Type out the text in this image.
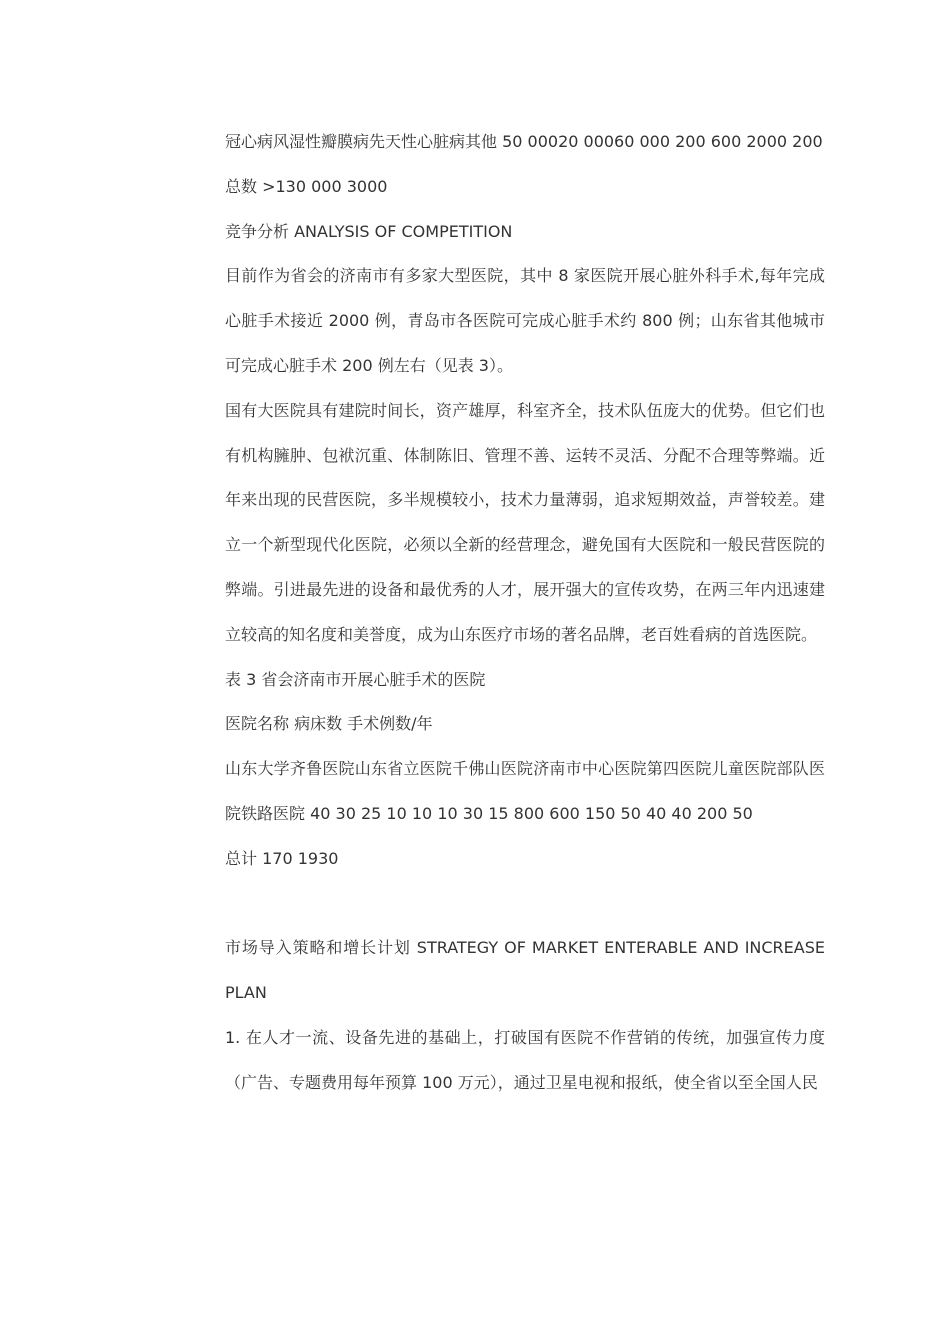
冠心病风湿性瓣膜病先天性心脏病其他 50 00020 00060 000 200 600 2000 200

总数 >130 000 3000

竞争分析 ANALYSIS OF COMPETITION

目前作为省会的济南市有多家大型医院，其中 8 家医院开展心脏外科手术,每年完成心脏手术接近 2000 例，青岛市各医院可完成心脏手术约 800 例；山东省其他城市可完成心脏手术 200 例左右（见表 3）。

国有大医院具有建院时间长，资产雄厚，科室齐全，技术队伍庞大的优势。但它们也有机构臃肿、包袱沉重、体制陈旧、管理不善、运转不灵活、分配不合理等弊端。近年来出现的民营医院，多半规模较小，技术力量薄弱，追求短期效益，声誉较差。建立一个新型现代化医院，必须以全新的经营理念，避免国有大医院和一般民营医院的弊端。引进最先进的设备和最优秀的人才，展开强大的宣传攻势，在两三年内迅速建立较高的知名度和美誉度，成为山东医疗市场的著名品牌，老百姓看病的首选医院。

表 3 省会济南市开展心脏手术的医院

医院名称 病床数 手术例数/年

山东大学齐鲁医院山东省立医院千佛山医院济南市中心医院第四医院儿童医院部队医院铁路医院 40 30 25 10 10 10 30 15 800 600 150 50 40 40 200 50

总计 170 1930

市场导入策略和增长计划 STRATEGY OF MARKET ENTERABLE AND INCREASE PLAN

1. 在人才一流、设备先进的基础上，打破国有医院不作营销的传统，加强宣传力度（广告、专题费用每年预算 100 万元），通过卫星电视和报纸，使全省以至全国人民
